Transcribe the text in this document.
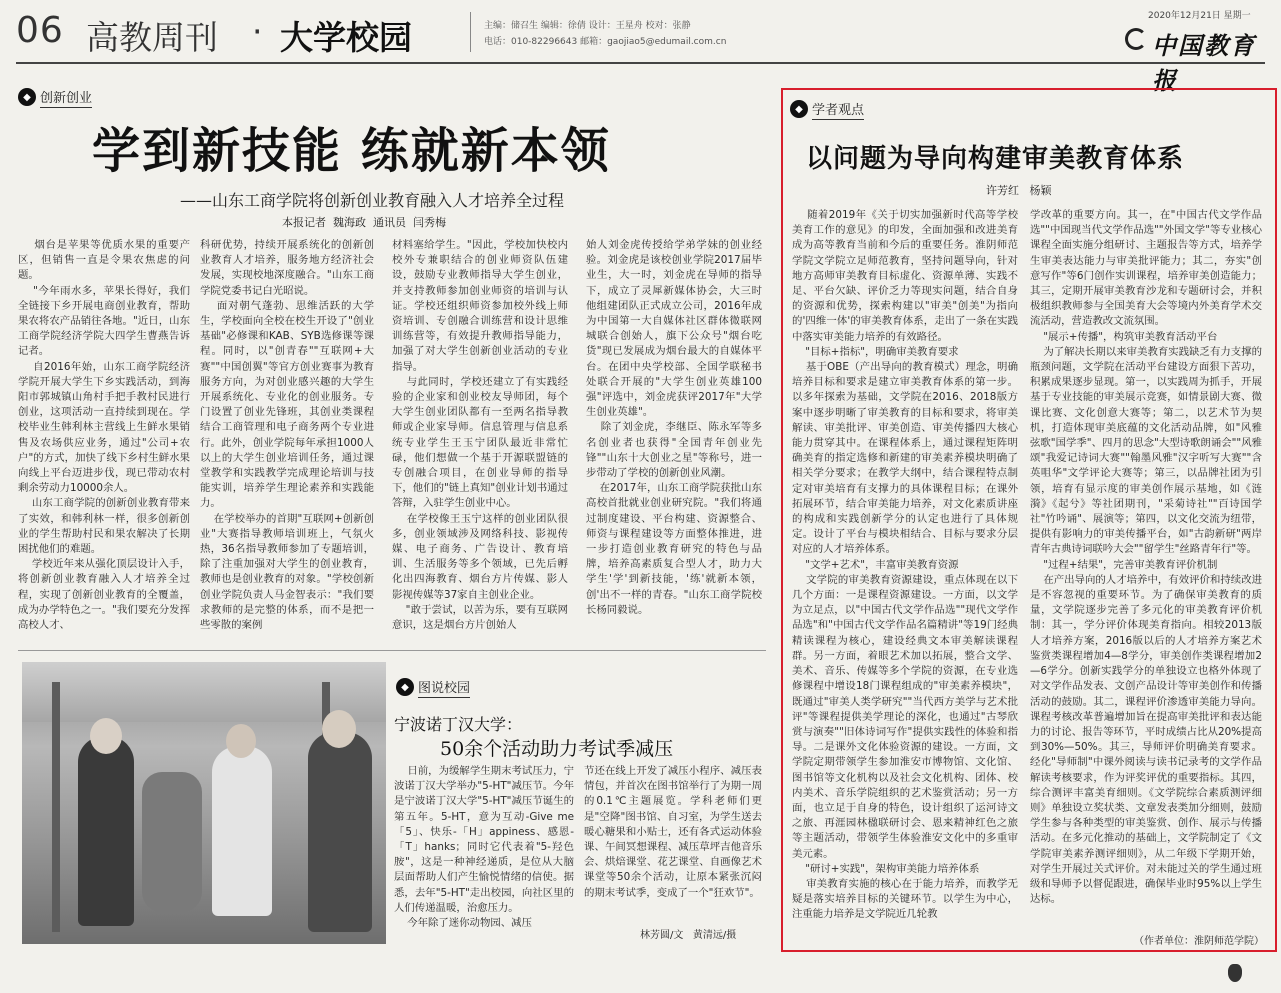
06 高教周刊 · 大学校园	主编：储召生 编辑：徐倩 设计：王星舟 校对：张静
电话：010-82296643 邮箱：gaojiao5@edumail.com.cn
2020年12月21日 星期一
中国教育报
◆ 创新创业
学到新技能 练就新本领
——山东工商学院将创新创业教育融入人才培养全过程
本报记者  魏海政  通讯员  闫秀梅
烟台是苹果等优质水果的重要产区，但销售一直是令果农焦虑的问题。
"今年雨水多，苹果长得好，我们全链接下乡开展电商创业教育，帮助果农将农产品销往各地。"近日，山东工商学院经济学院大四学生曹燕告诉记者。
自2016年始，山东工商学院经济学院开展大学生下乡实践活动，到海阳市郭城镇山角村手把手教村民进行创业，这项活动一直持续到现在。学校毕业生韩利林主营线上生鲜水果销售及农场供应业务，通过"公司+农户"的方式，加快了线下乡村生鲜水果向线上平台迈进步伐，现已带动农村剩余劳动力10000余人。
山东工商学院的创新创业教育带来了实效，和韩利林一样，很多创新创业的学生帮助村民和果农解决了长期困扰他们的难题。
学校近年来从强化顶层设计入手，将创新创业教育融入人才培养全过程，实现了创新创业教育的全覆盖，成为办学特色之一。"我们要充分发挥高校人才、
科研优势，持续开展系统化的创新创业教育人才培养，服务地方经济社会发展，实现校地深度融合。"山东工商学院党委书记白光昭说。
面对朝气蓬勃、思维活跃的大学生，学校面向全校在校生开设了"创业基础"必修课和KAB、SYB选修课等课程。同时，以"创青春""互联网+大赛""中国创翼"等官方创业赛事为教育服务方向，为对创业感兴趣的大学生开展系统化、专业化的创业服务。专门设置了创业先锋班，其创业类课程结合工商管理和电子商务两个专业进行。此外，创业学院每年承担1000人以上的大学生创业培训任务，通过课堂教学和实践教学完成理论培训与技能实训，培养学生理论素养和实践能力。
在学校举办的首期"互联网+创新创业"大赛指导教师培训班上，气氛火热，36名指导教师参加了专题培训，除了注重加强对大学生的创业教育，教师也是创业教育的对象。"学校创新创业学院负责人马金智表示："我们要求教师的是完整的体系，而不是把一些零散的案例
材料塞给学生。"因此，学校加快校内校外专兼职结合的创业师资队伍建设，鼓励专业教师指导大学生创业，并支持教师参加创业师资的培训与认证。学校还组织师资参加校外线上师资培训、专创融合训练营和设计思维训练营等，有效提升教师指导能力，加强了对大学生创新创业活动的专业指导。
与此同时，学校还建立了有实践经验的企业家和创业校友导师团，每个大学生创业团队都有一至两名指导教师或企业家导师。信息管理与信息系统专业学生王玉宁团队最近非常忙碌，他们想做一个基于开源联盟链的专创融合项目，在创业导师的指导下，他们的"链上真知"创业计划书通过答辩，入驻学生创业中心。
在学校像王玉宁这样的创业团队很多，创业领域涉及网络科技、影视传媒、电子商务、广告设计、教育培训、生活服务等多个领域，已先后孵化出四海教育、烟台方片传媒、影人影视传媒等37家自主创业企业。
"敢于尝试，以苦为乐，要有互联网意识，这是烟台方片创始人
始人刘金虎传授给学弟学妹的创业经验。刘金虎是该校创业学院2017届毕业生，大一时，刘金虎在导师的指导下，成立了灵犀新媒体协会，大三时他组建团队正式成立公司，2016年成为中国第一大自媒体社区群体微联网城联合创始人，旗下公众号"烟台吃货"现已发展成为烟台最大的自媒体平台。在团中央学校部、全国学联秘书处联合开展的"大学生创业英雄100强"评选中，刘金虎获评2017年"大学生创业英雄"。
除了刘金虎，李继臣、陈永军等多名创业者也获得"全国青年创业先锋""山东十大创业之星"等称号，进一步带动了学校的创新创业风潮。
在2017年，山东工商学院获批山东高校首批就业创业研究院。"我们将通过制度建设、平台构建、资源整合、师资与课程建设等方面整体推进，进一步打造创业教育研究的特色与品牌，培养高素质复合型人才，助力大学生'学'到新技能，'练'就新本领，创'出不一样的青春。"山东工商学院校长杨同毅说。
◆ 图说校园
宁波诺丁汉大学：
50余个活动助力考试季减压
日前，为缓解学生期末考试压力，宁波诺丁汉大学举办"5-HT"减压节。今年是宁波诺丁汉大学"5-HT"减压节诞生的第五年。5-HT，意为互动-Give me「5」、快乐-「H」appiness、感恩-「T」hanks；同时它代表着"5-羟色胺"，这是一种神经递质，是位从大脑层面帮助人们产生愉悦情绪的信使。据悉，去年"5-HT"走出校园，向社区里的人们传递温暖，治愈压力。
今年除了迷你动物园、减压
节还在线上开发了减压小程序、减压表情包，并首次在图书馆举行了为期一周的0.1℃主题展览。学科老师们更是"空降"图书馆、自习室，为学生送去暖心糖果和小贴士，还有各式运动体验课、午间冥想课程、减压草坪吉他音乐会、烘焙课堂、花艺课堂、自画像艺术课堂等50余个活动，让原本紧张沉闷的期末考试季，变成了一个"狂欢节"。
林芳圆/文   黄清远/摄
◆ 学者观点
以问题为导向构建审美教育体系
许芳红   杨颖
随着2019年《关于切实加强新时代高等学校美育工作的意见》的印发，全面加强和改进美育成为高等教育当前和今后的重要任务。淮阴师范学院文学院立足师范教育，坚持问题导向，针对地方高师审美教育目标虚化、资源单薄、实践不足、平台欠缺、评价乏力等现实问题，结合自身的资源和优势，探索构建以"审美"创美"为指向的'四维一体'的审美教育体系，走出了一条在实践中落实审美能力培养的有效路径。
"目标+指标"，明确审美教育要求
基于OBE（产出导向的教育模式）理念，明确培养目标和要求是建立审美教育体系的第一步。以多年探索为基础，文学院在2016、2018版方案中逐步明晰了审美教育的目标和要求，将审美解读、审美批评、审美创造、审美传播四大核心能力贯穿其中。在课程体系上，通过课程矩阵明确美育的指定选修和新建的审美素养模块明确了相关学分要求；在教学大纲中，结合课程特点制定对审美培育有支撑力的具体课程目标；在课外拓展环节，结合审美能力培养，对文化素质讲座的构成和实践创新学分的认定也进行了具体规定。设计了平台与模块相结合、目标与要求分层对应的人才培养体系。
"文学+艺术"，丰富审美教育资源
文学院的审美教育资源建设，重点体现在以下几个方面：一是课程资源建设。一方面，以文学为立足点，以"中国古代文学作品选""现代文学作品选"和"中国古代文学作品名篇精讲"等19门经典精读课程为核心，建设经典文本审美解读课程群。另一方面，着眼艺术加以拓展，整合文学、美术、音乐、传媒等多个学院的资源，在专业选修课程中增设18门课程组成的"审美素养模块"，既通过"审美人类学研究""当代西方美学与艺术批评"等课程提供美学理论的深化，也通过"古琴欣赏与演奏""旧体诗词写作"提供实践性的体验和指导。二是课外文化体验资源的建设。一方面，文学院定期带领学生参加淮安市博物馆、文化馆、图书馆等文化机构以及社会文化机构、团体、校内美术、音乐学院组织的艺术鉴赏活动；另一方面，也立足于自身的特色，设计组织了运河诗文之旅、再涯园林楹联研讨会、恩来精神红色之旅等主题活动，带领学生体验淮安文化中的多重审美元素。
"研讨+实践"，架构审美能力培养体系
审美教育实施的核心在于能力培养，而教学无疑是落实培养目标的关键环节。以学生为中心，注重能力培养是文学院近几轮教
学改革的重要方向。其一，在"中国古代文学作品选""中国现当代文学作品选""外国文学"等专业核心课程全面实施分组研讨、主题报告等方式，培养学生审美表达能力与审美批评能力；其二，夯实"创意写作"等6门创作实训课程，培养审美创造能力；其三，定期开展审美教育沙龙和专题研讨会，并积极组织教师参与全国美育大会等境内外美育学术交流活动，营造教改文流氛围。
"展示+传播"，构筑审美教育活动平台
为了解决长期以来审美教育实践缺乏有力支撑的瓶颈问题，文学院在活动平台建设方面狠下苦功，积累成果逐步显现。第一，以实践周为抓手，开展基于专业技能的审美展示竞赛，如情景剧大赛、微课比赛、文化创意大赛等；第二，以艺术节为契机，打造体现审美底蕴的文化活动品牌，如"风雅弦歌"国学季"、四月的思念"大型诗歌朗诵会""风雅颂"我爱记诗词大赛""翰墨风雅"汉字听写大赛""含英咀华"文学评论大赛等；第三，以品牌社团为引领，培育有显示度的审美创作展示基地，如《涟漪》《起兮》等社团期刊，"采菊诗社""百诗国学社"竹吟诵"、展演等；第四，以文化交流为纽带，提供有影响力的审美传播平台，如"古韵新研"两岸青年古典诗词联吟大会""留学生"丝路青年行"等。
"过程+结果"，完善审美教育评价机制
在产出导向的人才培养中，有效评价和持续改进是不容忽视的重要环节。为了确保审美教育的质量，文学院逐步完善了多元化的审美教育评价机制：其一，学分评价体现美育指向。相较2013版人才培养方案，2016版以后的人才培养方案艺术鉴赏类课程增加4—8学分，审美创作类课程增加2—6学分。创新实践学分的单独设立也格外体现了对文学作品发表、文创产品设计等审美创作和传播活动的鼓励。其二，课程评价渗透审美能力导向。课程考核改革普遍增加旨在提高审美批评和表达能力的讨论、报告等环节，平时成绩占比从20%提高到30%—50%。其三，导师评价明确美育要求。经化"导师制"中课外阅读与读书记录考的文学作品解读考核要求，作为评奖评优的重要指标。其四，综合测评丰富美育细则。《文学院综合素质测评细则》单独设立奖状类、文章发表类加分细则，鼓励学生参与各种类型的审美鉴赏、创作、展示与传播活动。在多元化推动的基础上，文学院制定了《文学院审美素养测评细则》，从二年级下学期开始，对学生开展过关式评价。对未能过关的学生通过班级和导师予以督促跟进，确保毕业时95%以上学生达标。
（作者单位：淮阴师范学院）
